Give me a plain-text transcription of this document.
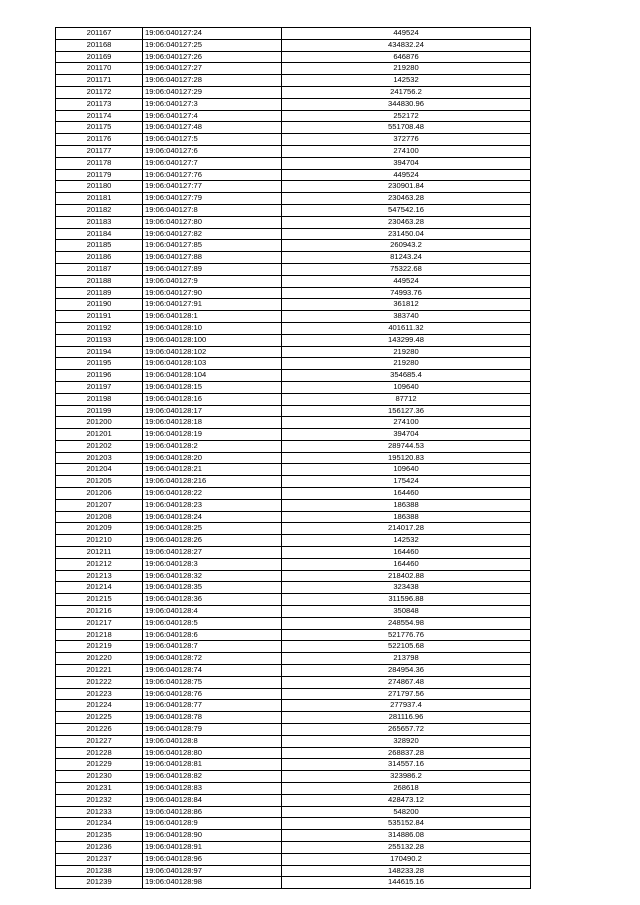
201167	19:06:040127:24	449524
201168	19:06:040127:25	434832.24
201169	19:06:040127:26	646876
201170	19:06:040127:27	219280
201171	19:06:040127:28	142532
201172	19:06:040127:29	241756.2
201173	19:06:040127:3	344830.96
201174	19:06:040127:4	252172
201175	19:06:040127:48	551708.48
201176	19:06:040127:5	372776
201177	19:06:040127:6	274100
201178	19:06:040127:7	394704
201179	19:06:040127:76	449524
201180	19:06:040127:77	230901.84
201181	19:06:040127:79	230463.28
201182	19:06:040127:8	547542.16
201183	19:06:040127:80	230463.28
201184	19:06:040127:82	231450.04
201185	19:06:040127:85	260943.2
201186	19:06:040127:88	81243.24
201187	19:06:040127:89	75322.68
201188	19:06:040127:9	449524
201189	19:06:040127:90	74993.76
201190	19:06:040127:91	361812
201191	19:06:040128:1	383740
201192	19:06:040128:10	401611.32
201193	19:06:040128:100	143299.48
201194	19:06:040128:102	219280
201195	19:06:040128:103	219280
201196	19:06:040128:104	354685.4
201197	19:06:040128:15	109640
201198	19:06:040128:16	87712
201199	19:06:040128:17	156127.36
201200	19:06:040128:18	274100
201201	19:06:040128:19	394704
201202	19:06:040128:2	289744.53
201203	19:06:040128:20	195120.83
201204	19:06:040128:21	109640
201205	19:06:040128:216	175424
201206	19:06:040128:22	164460
201207	19:06:040128:23	186388
201208	19:06:040128:24	186388
201209	19:06:040128:25	214017.28
201210	19:06:040128:26	142532
201211	19:06:040128:27	164460
201212	19:06:040128:3	164460
201213	19:06:040128:32	218402.88
201214	19:06:040128:35	323438
201215	19:06:040128:36	311596.88
201216	19:06:040128:4	350848
201217	19:06:040128:5	248554.98
201218	19:06:040128:6	521776.76
201219	19:06:040128:7	522105.68
201220	19:06:040128:72	213798
201221	19:06:040128:74	284954.36
201222	19:06:040128:75	274867.48
201223	19:06:040128:76	271797.56
201224	19:06:040128:77	277937.4
201225	19:06:040128:78	281116.96
201226	19:06:040128:79	265657.72
201227	19:06:040128:8	328920
201228	19:06:040128:80	268837.28
201229	19:06:040128:81	314557.16
201230	19:06:040128:82	323986.2
201231	19:06:040128:83	268618
201232	19:06:040128:84	428473.12
201233	19:06:040128:86	548200
201234	19:06:040128:9	535152.84
201235	19:06:040128:90	314886.08
201236	19:06:040128:91	255132.28
201237	19:06:040128:96	170490.2
201238	19:06:040128:97	148233.28
201239	19:06:040128:98	144615.16
